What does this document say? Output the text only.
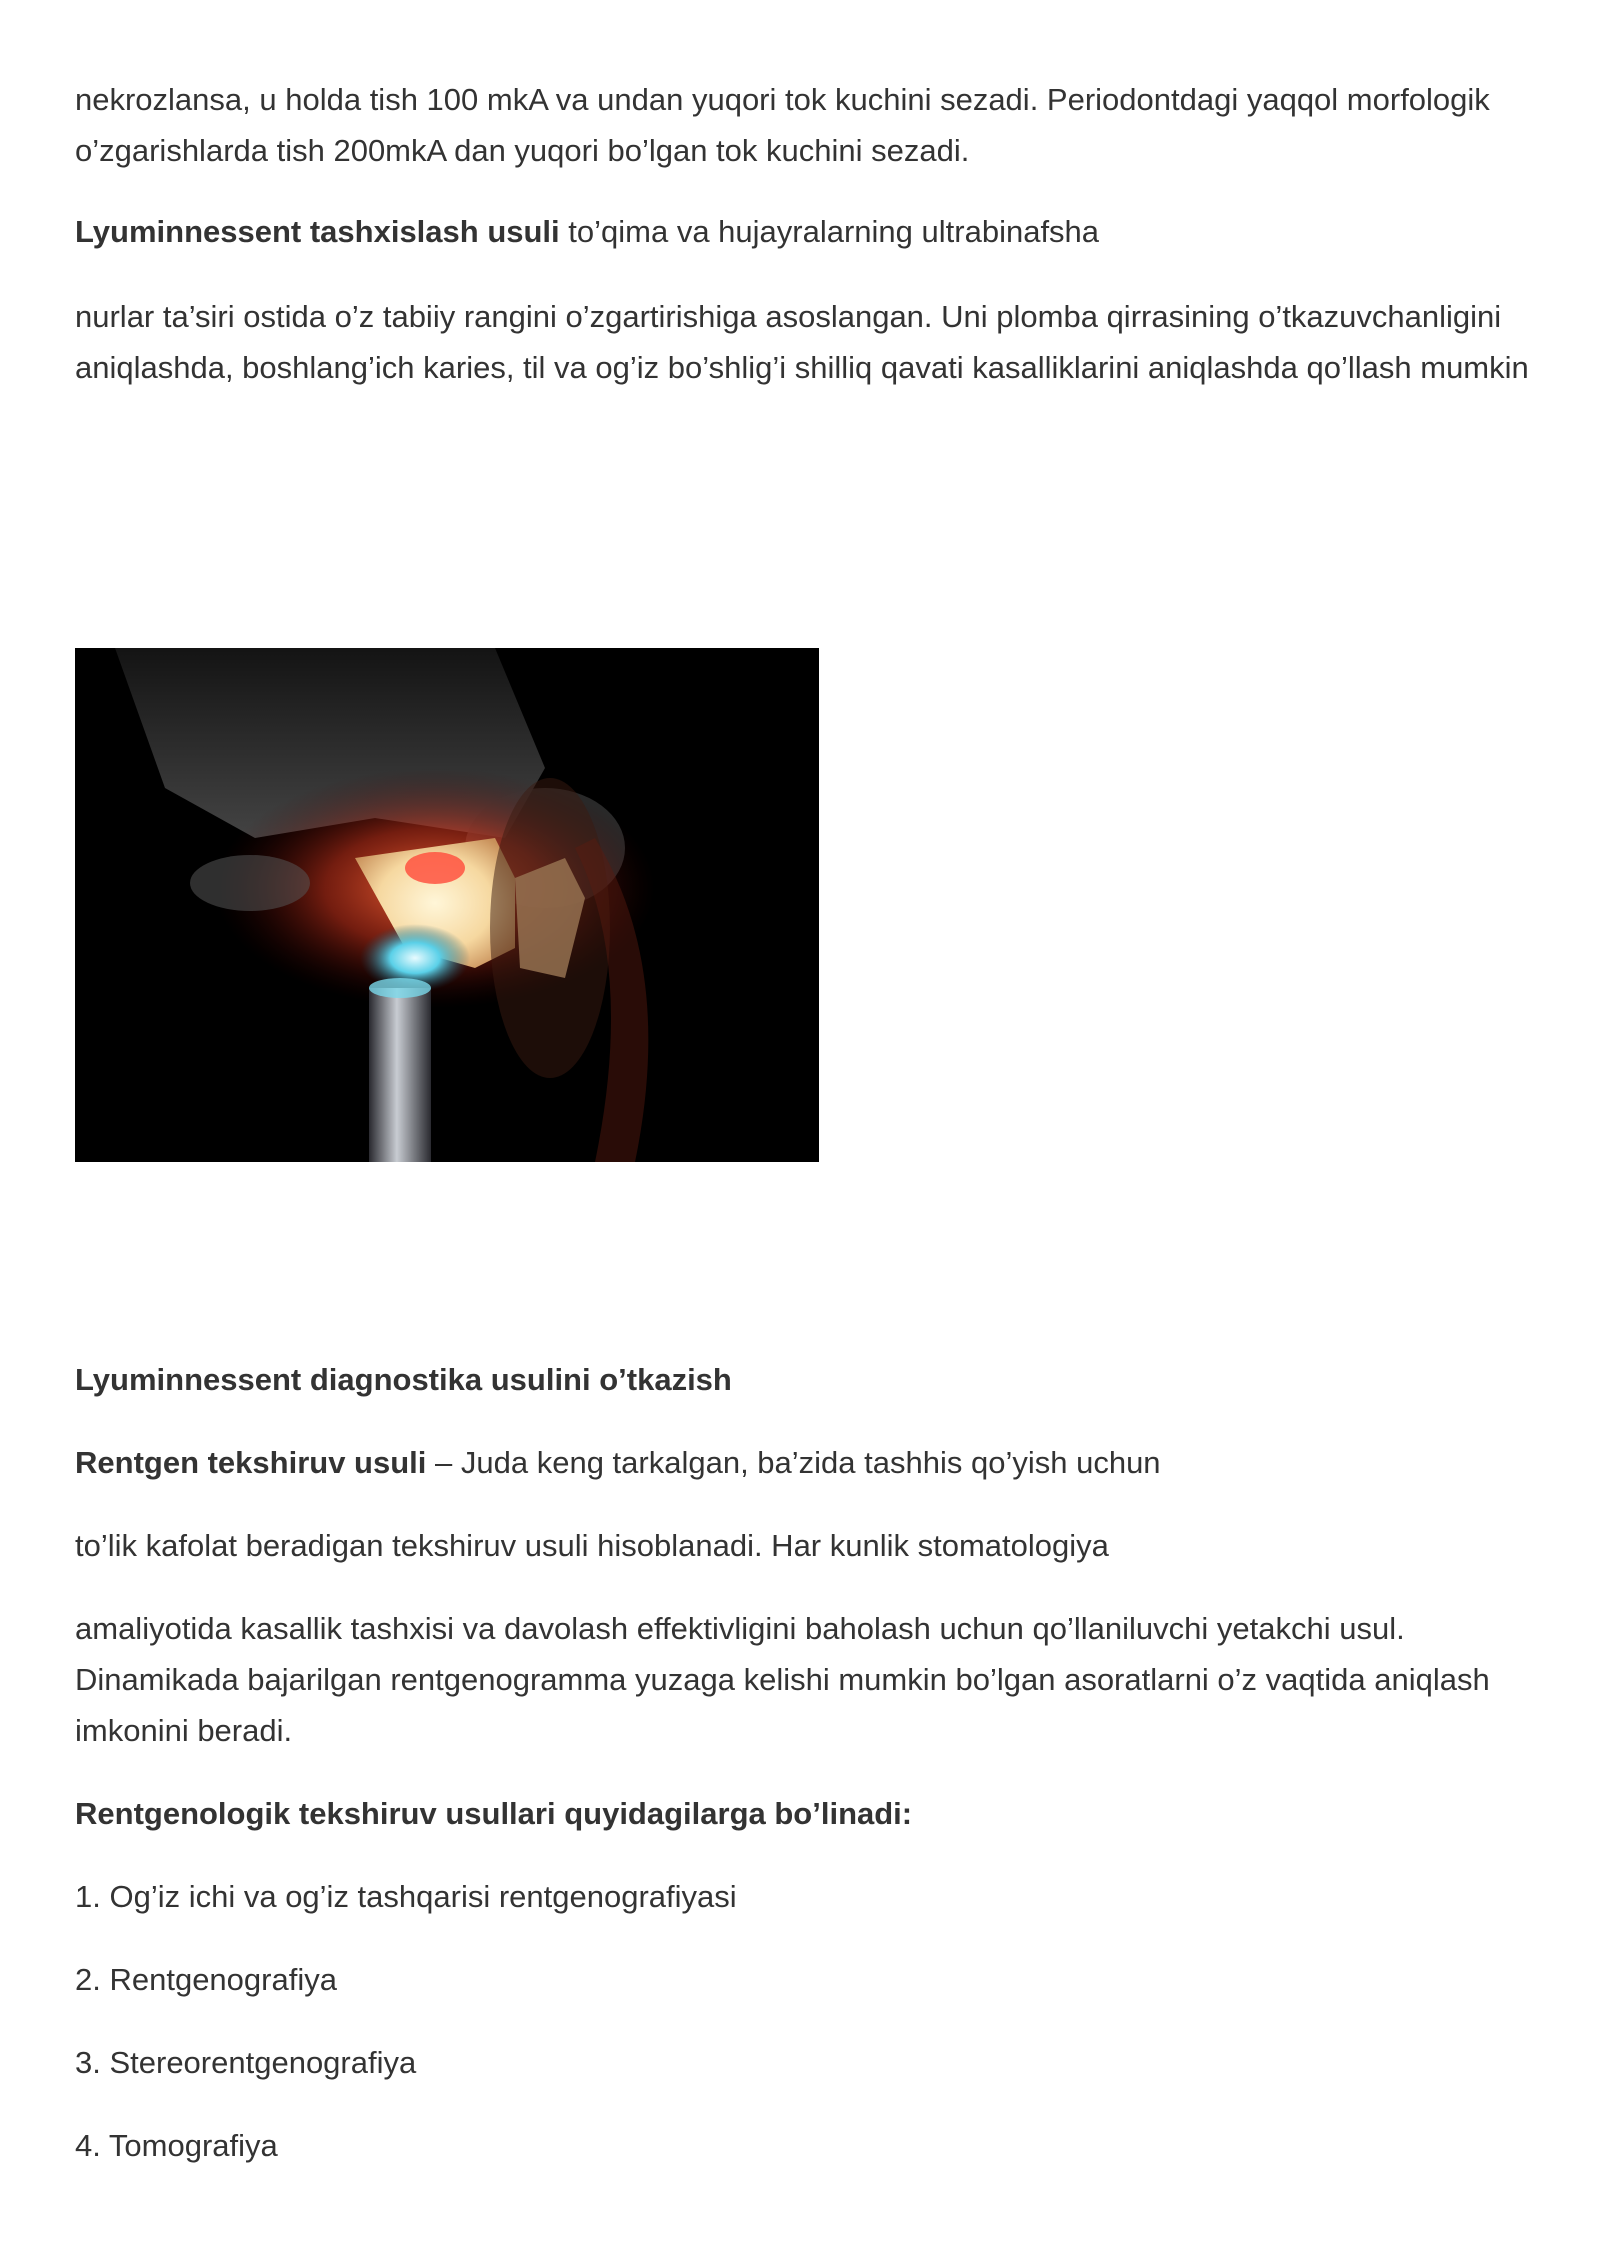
nekrozlansa, u holda tish 100 mkA va undan yuqori tok kuchini sezadi. Periodontdagi yaqqol morfologik o’zgarishlarda tish 200mkA dan yuqori bo’lgan tok kuchini sezadi.

Lyuminnessent tashxislash usuli to’qima va hujayralarning ultrabinafsha

nurlar ta’siri ostida o’z tabiiy rangini o’zgartirishiga asoslangan. Uni plomba qirrasining o’tkazuvchanligini aniqlashda, boshlang’ich karies, til va og’iz bo’shlig’i shilliq qavati kasalliklarini aniqlashda qo’llash mumkin

Lyuminnessent diagnostika usulini o’tkazish

Rentgen tekshiruv usuli – Juda keng tarkalgan, ba’zida tashhis qo’yish uchun

to’lik kafolat beradigan tekshiruv usuli hisoblanadi. Har kunlik stomatologiya

amaliyotida kasallik tashxisi va davolash effektivligini baholash uchun qo’llaniluvchi yetakchi usul. Dinamikada bajarilgan rentgenogramma yuzaga kelishi mumkin bo’lgan asoratlarni o’z vaqtida aniqlash imkonini beradi.

Rentgenologik tekshiruv usullari quyidagilarga bo’linadi:

1. Og’iz ichi va og’iz tashqarisi rentgenografiyasi

2. Rentgenografiya

3. Stereorentgenografiya

4. Tomografiya
